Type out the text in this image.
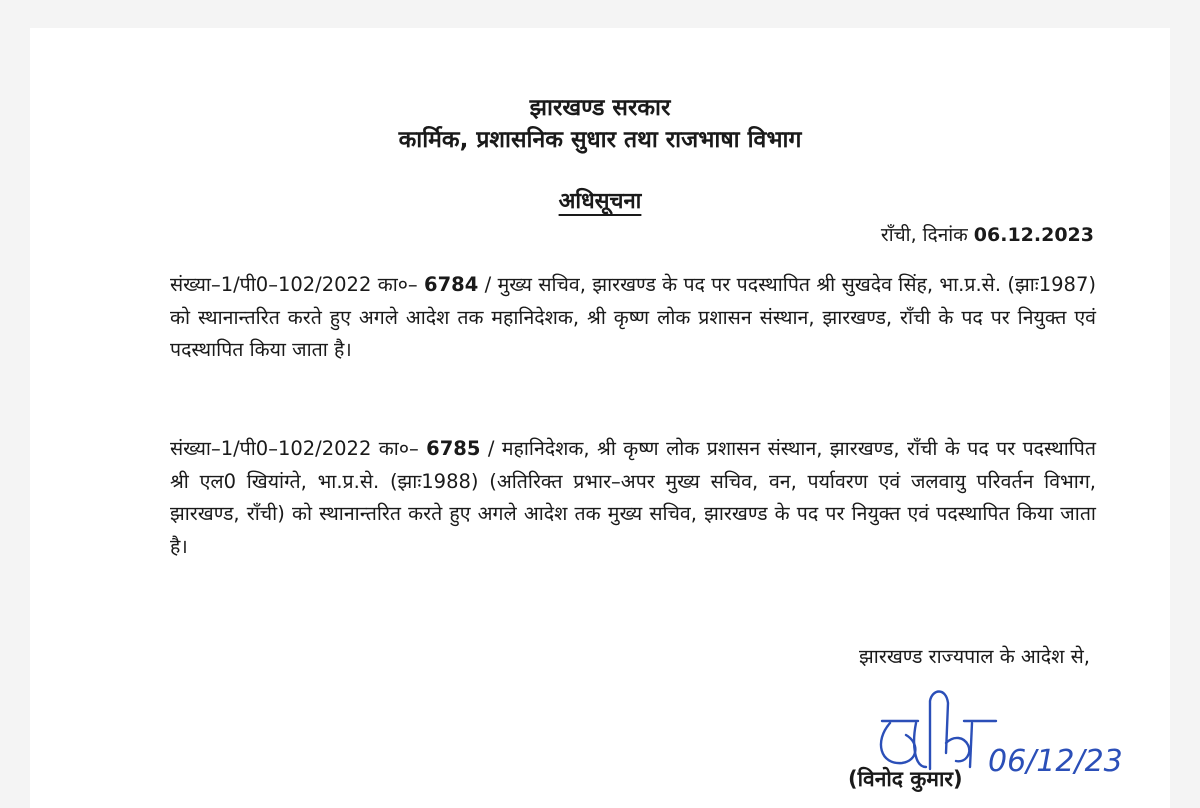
झारखण्ड सरकार
कार्मिक, प्रशासनिक सुधार तथा राजभाषा विभाग
अधिसूचना
राँची, दिनांक 06.12.2023
संख्या–1/पी0–102/2022 का०– 6784 / मुख्य सचिव, झारखण्ड के पद पर पदस्थापित श्री सुखदेव सिंह, भा.प्र.से. (झाः1987) को स्थानान्तरित करते हुए अगले आदेश तक महानिदेशक, श्री कृष्ण लोक प्रशासन संस्थान, झारखण्ड, राँची के पद पर नियुक्त एवं पदस्थापित किया जाता है।
संख्या–1/पी0–102/2022 का०– 6785 / महानिदेशक, श्री कृष्ण लोक प्रशासन संस्थान, झारखण्ड, राँची के पद पर पदस्थापित श्री एल0 खियांग्ते, भा.प्र.से. (झाः1988) (अतिरिक्त प्रभार–अपर मुख्य सचिव, वन, पर्यावरण एवं जलवायु परिवर्तन विभाग, झारखण्ड, राँची) को स्थानान्तरित करते हुए अगले आदेश तक मुख्य सचिव, झारखण्ड के पद पर नियुक्त एवं पदस्थापित किया जाता है।
झारखण्ड राज्यपाल के आदेश से,
06/12/23
(विनोद कुमार)
